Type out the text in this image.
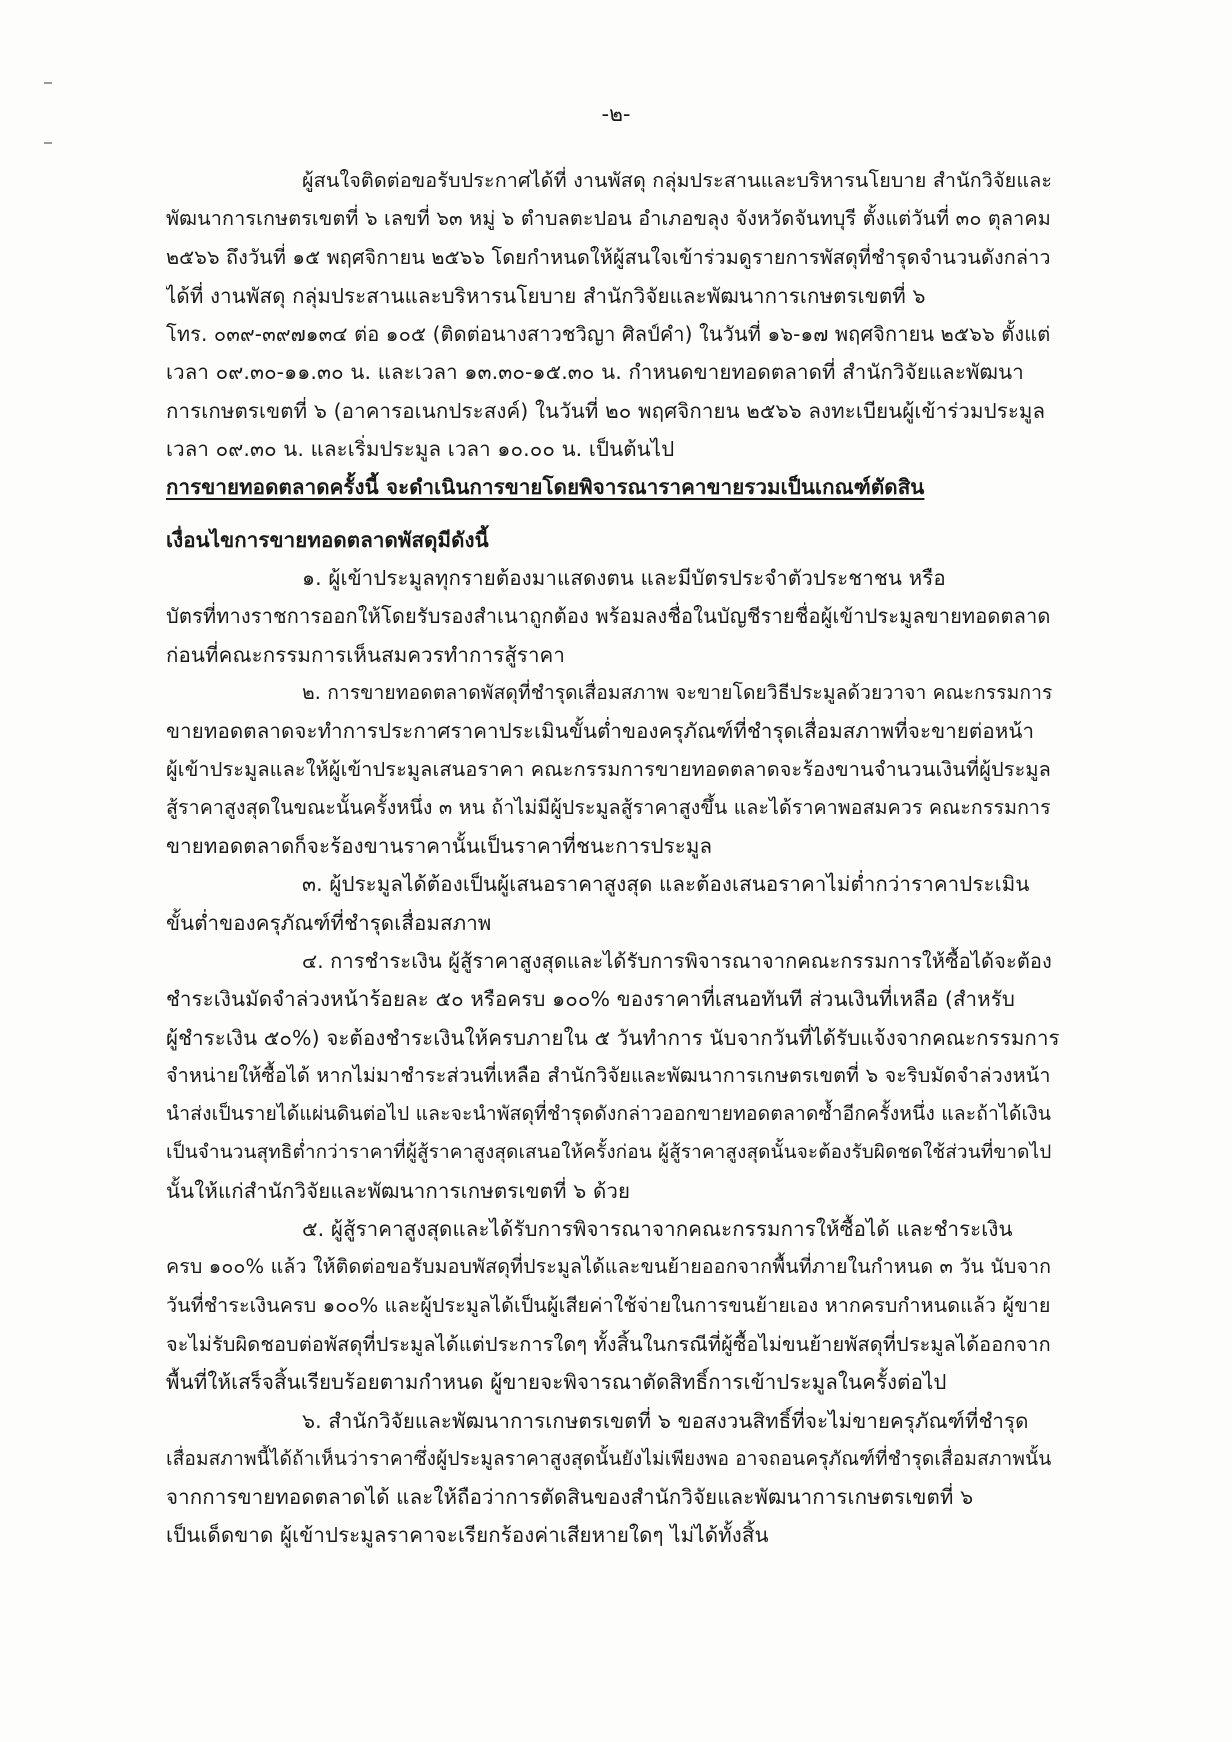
-๒-
ผู้สนใจติดต่อขอรับประกาศได้ที่ งานพัสดุ กลุ่มประสานและบริหารนโยบาย สำนักวิจัยและ
พัฒนาการเกษตรเขตที่ ๖ เลขที่ ๖๓ หมู่ ๖ ตำบลตะปอน อำเภอขลุง จังหวัดจันทบุรี ตั้งแต่วันที่ ๓๐ ตุลาคม
๒๕๖๖ ถึงวันที่ ๑๕ พฤศจิกายน ๒๕๖๖ โดยกำหนดให้ผู้สนใจเข้าร่วมดูรายการพัสดุที่ชำรุดจำนวนดังกล่าว
ได้ที่ งานพัสดุ กลุ่มประสานและบริหารนโยบาย สำนักวิจัยและพัฒนาการเกษตรเขตที่ ๖
โทร. ๐๓๙-๓๙๗๑๓๔ ต่อ ๑๐๕ (ติดต่อนางสาวชวิญา ศิลป์คำ) ในวันที่ ๑๖-๑๗ พฤศจิกายน ๒๕๖๖ ตั้งแต่
เวลา ๐๙.๓๐-๑๑.๓๐ น. และเวลา ๑๓.๓๐-๑๕.๓๐ น. กำหนดขายทอดตลาดที่ สำนักวิจัยและพัฒนา
การเกษตรเขตที่ ๖ (อาคารอเนกประสงค์) ในวันที่ ๒๐ พฤศจิกายน ๒๕๖๖ ลงทะเบียนผู้เข้าร่วมประมูล
เวลา ๐๙.๓๐ น. และเริ่มประมูล เวลา ๑๐.๐๐ น. เป็นต้นไป
การขายทอดตลาดครั้งนี้ จะดำเนินการขายโดยพิจารณาราคาขายรวมเป็นเกณฑ์ตัดสิน
เงื่อนไขการขายทอดตลาดพัสดุมีดังนี้
๑. ผู้เข้าประมูลทุกรายต้องมาแสดงตน และมีบัตรประจำตัวประชาชน หรือ
บัตรที่ทางราชการออกให้โดยรับรองสำเนาถูกต้อง พร้อมลงชื่อในบัญชีรายชื่อผู้เข้าประมูลขายทอดตลาด
ก่อนที่คณะกรรมการเห็นสมควรทำการสู้ราคา
๒. การขายทอดตลาดพัสดุที่ชำรุดเสื่อมสภาพ จะขายโดยวิธีประมูลด้วยวาจา คณะกรรมการ
ขายทอดตลาดจะทำการประกาศราคาประเมินขั้นต่ำของครุภัณฑ์ที่ชำรุดเสื่อมสภาพที่จะขายต่อหน้า
ผู้เข้าประมูลและให้ผู้เข้าประมูลเสนอราคา คณะกรรมการขายทอดตลาดจะร้องขานจำนวนเงินที่ผู้ประมูล
สู้ราคาสูงสุดในขณะนั้นครั้งหนึ่ง ๓ หน ถ้าไม่มีผู้ประมูลสู้ราคาสูงขึ้น และได้ราคาพอสมควร คณะกรรมการ
ขายทอดตลาดก็จะร้องขานราคานั้นเป็นราคาที่ชนะการประมูล
๓. ผู้ประมูลได้ต้องเป็นผู้เสนอราคาสูงสุด และต้องเสนอราคาไม่ต่ำกว่าราคาประเมิน
ขั้นต่ำของครุภัณฑ์ที่ชำรุดเสื่อมสภาพ
๔. การชำระเงิน ผู้สู้ราคาสูงสุดและได้รับการพิจารณาจากคณะกรรมการให้ซื้อได้จะต้อง
ชำระเงินมัดจำล่วงหน้าร้อยละ ๕๐ หรือครบ ๑๐๐% ของราคาที่เสนอทันที ส่วนเงินที่เหลือ (สำหรับ
ผู้ชำระเงิน ๕๐%) จะต้องชำระเงินให้ครบภายใน ๕ วันทำการ นับจากวันที่ได้รับแจ้งจากคณะกรรมการ
จำหน่ายให้ซื้อได้ หากไม่มาชำระส่วนที่เหลือ สำนักวิจัยและพัฒนาการเกษตรเขตที่ ๖ จะริบมัดจำล่วงหน้า
นำส่งเป็นรายได้แผ่นดินต่อไป และจะนำพัสดุที่ชำรุดดังกล่าวออกขายทอดตลาดซ้ำอีกครั้งหนึ่ง และถ้าได้เงิน
เป็นจำนวนสุทธิต่ำกว่าราคาที่ผู้สู้ราคาสูงสุดเสนอให้ครั้งก่อน ผู้สู้ราคาสูงสุดนั้นจะต้องรับผิดชดใช้ส่วนที่ขาดไป
นั้นให้แก่สำนักวิจัยและพัฒนาการเกษตรเขตที่ ๖ ด้วย
๕. ผู้สู้ราคาสูงสุดและได้รับการพิจารณาจากคณะกรรมการให้ซื้อได้ และชำระเงิน
ครบ ๑๐๐% แล้ว ให้ติดต่อขอรับมอบพัสดุที่ประมูลได้และขนย้ายออกจากพื้นที่ภายในกำหนด ๓ วัน นับจาก
วันที่ชำระเงินครบ ๑๐๐% และผู้ประมูลได้เป็นผู้เสียค่าใช้จ่ายในการขนย้ายเอง หากครบกำหนดแล้ว ผู้ขาย
จะไม่รับผิดชอบต่อพัสดุที่ประมูลได้แต่ประการใดๆ ทั้งสิ้นในกรณีที่ผู้ซื้อไม่ขนย้ายพัสดุที่ประมูลได้ออกจาก
พื้นที่ให้เสร็จสิ้นเรียบร้อยตามกำหนด ผู้ขายจะพิจารณาตัดสิทธิ์การเข้าประมูลในครั้งต่อไป
๖. สำนักวิจัยและพัฒนาการเกษตรเขตที่ ๖ ขอสงวนสิทธิ์ที่จะไม่ขายครุภัณฑ์ที่ชำรุด
เสื่อมสภาพนี้ได้ถ้าเห็นว่าราคาซึ่งผู้ประมูลราคาสูงสุดนั้นยังไม่เพียงพอ อาจถอนครุภัณฑ์ที่ชำรุดเสื่อมสภาพนั้น
จากการขายทอดตลาดได้ และให้ถือว่าการตัดสินของสำนักวิจัยและพัฒนาการเกษตรเขตที่ ๖
เป็นเด็ดขาด ผู้เข้าประมูลราคาจะเรียกร้องค่าเสียหายใดๆ ไม่ได้ทั้งสิ้น
